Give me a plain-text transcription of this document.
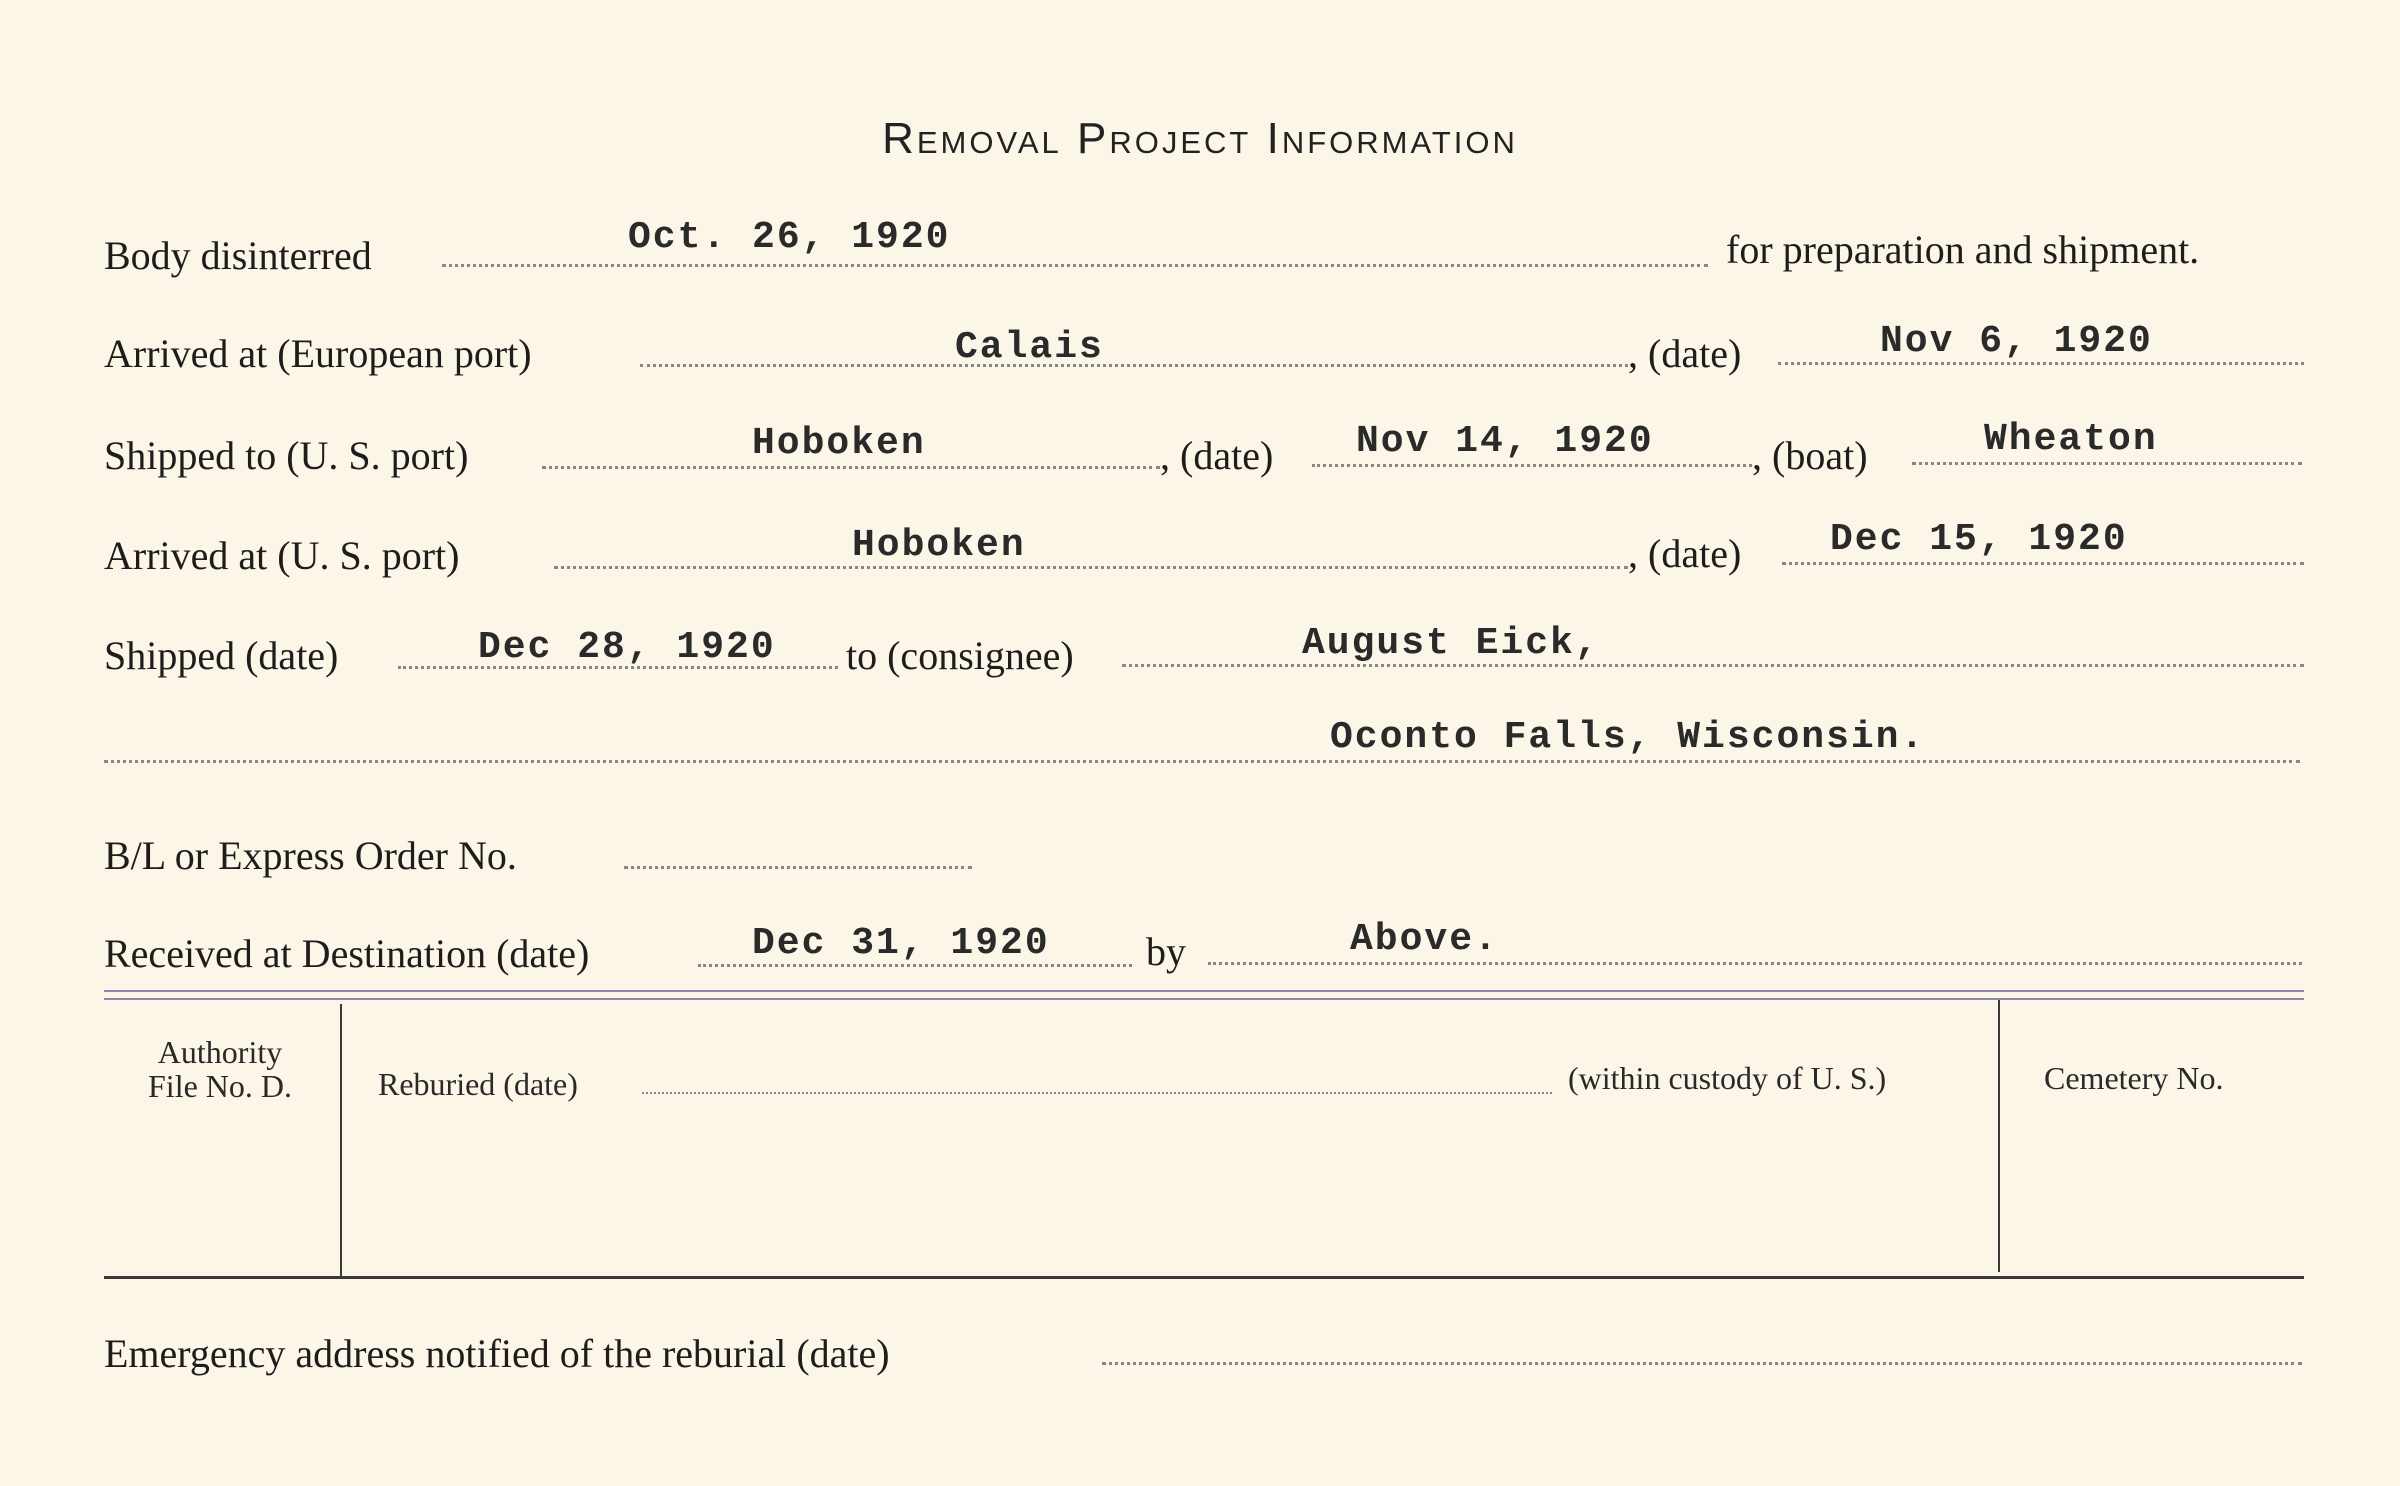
Removal Project Information
Body disinterred	Oct. 26, 1920	for preparation and shipment.
Arrived at (European port)	Calais	, (date)	Nov 6, 1920
Shipped to (U. S. port)	Hoboken	, (date) Nov 14, 1920 , (boat)	Wheaton
Arrived at (U. S. port)	Hoboken	, (date) Dec 15, 1920
Shipped (date)	Dec 28, 1920 to (consignee)	August Eick,
Oconto Falls, Wisconsin.
B/L or Express Order No.
Received at Destination (date)	Dec 31, 1920 by	Above.
Authority
File No. D.	Reburied (date)	(within custody of U. S.)	Cemetery No.
Emergency address notified of the reburial (date)
